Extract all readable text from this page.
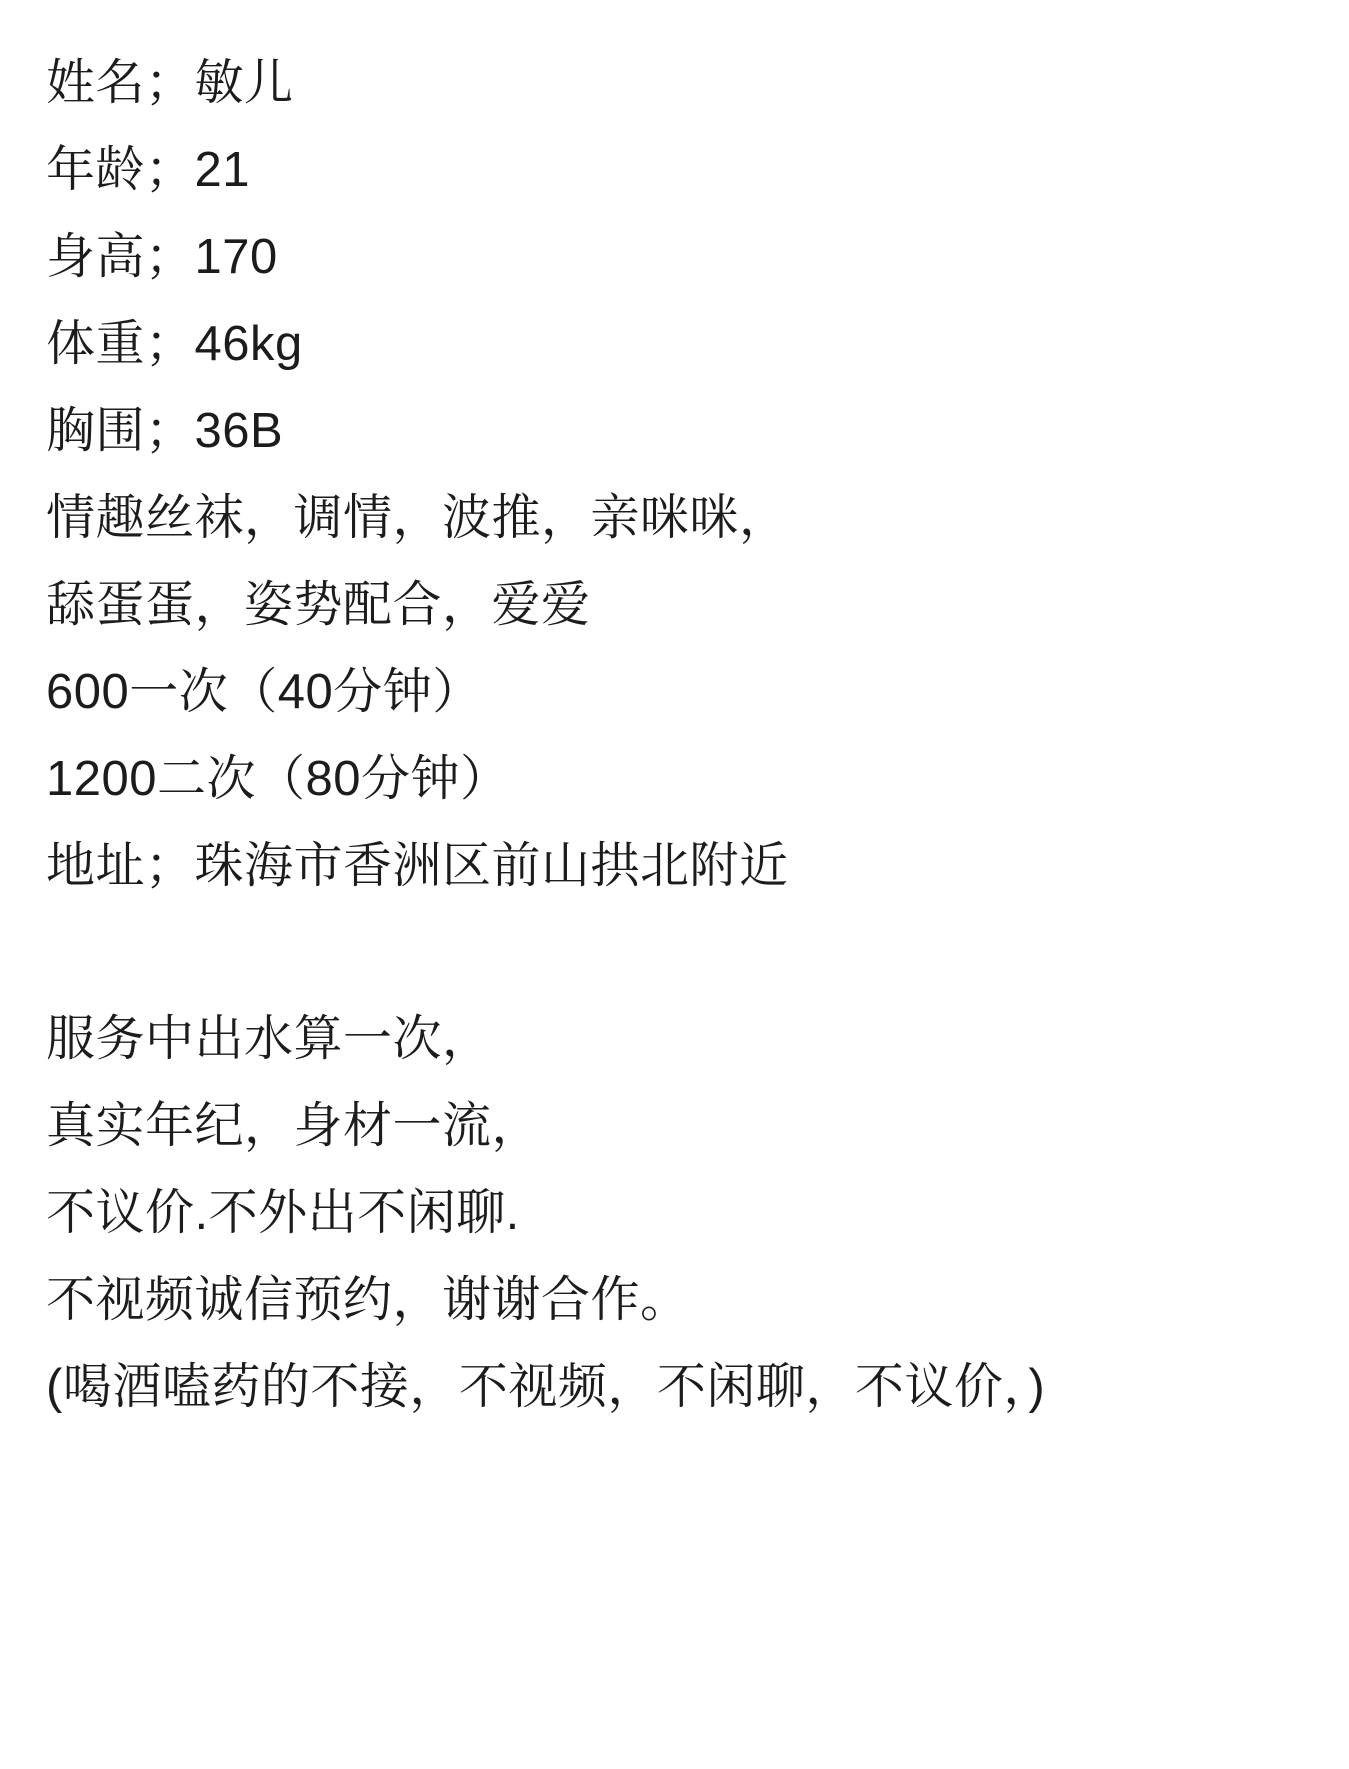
姓名；敏儿
年龄；21
身高；170
体重；46kg
胸围；36B
情趣丝袜，调情，波推，亲咪咪，
舔蛋蛋，姿势配合，爱爱
600一次（40分钟）
1200二次（80分钟）
地址；珠海市香洲区前山拱北附近
服务中出水算一次，
真实年纪，身材一流，
不议价.不外出不闲聊.
不视频诚信预约，谢谢合作。
(喝酒嗑药的不接，不视频，不闲聊，不议价，)
